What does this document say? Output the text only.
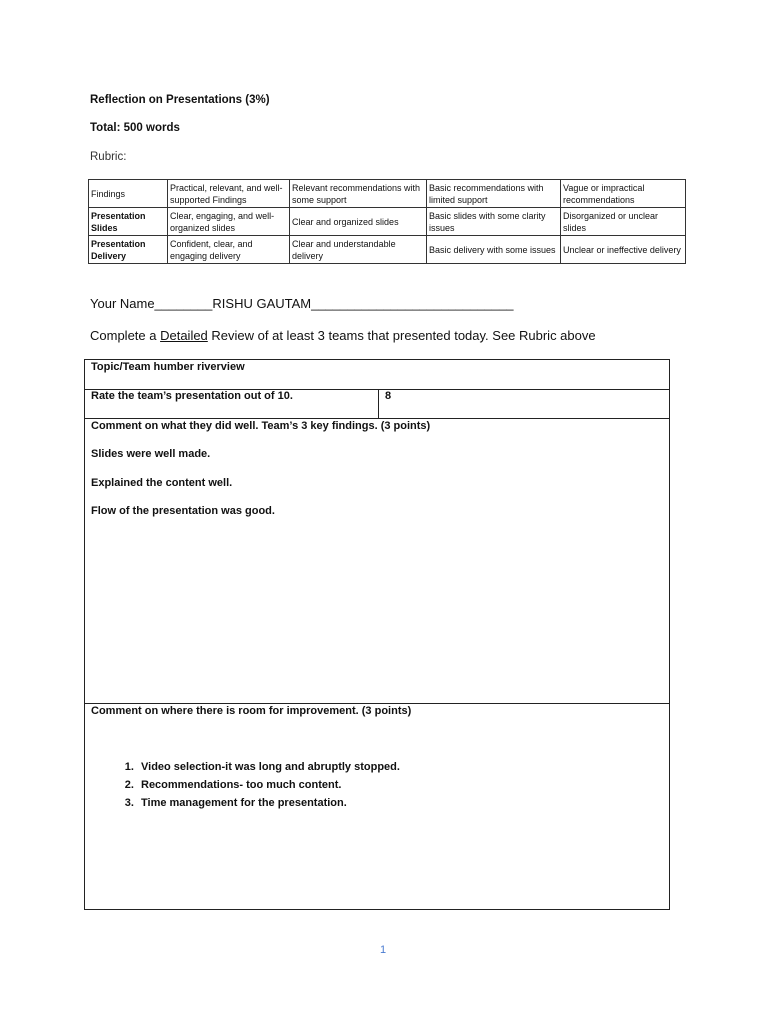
Reflection on Presentations (3%)
Total: 500 words
Rubric:
Findings	Practical, relevant, and well-supported Findings	Relevant recommendations with some support	Basic recommendations with limited support	Vague or impractical recommendations
Presentation Slides	Clear, engaging, and well-organized slides	Clear and organized slides	Basic slides with some clarity issues	Disorganized or unclear slides
Presentation Delivery	Confident, clear, and engaging delivery	Clear and understandable delivery	Basic delivery with some issues	Unclear or ineffective delivery
Your Name________RISHU GAUTAM____________________________
Complete a Detailed Review of at least 3 teams that presented today. See Rubric above
Topic/Team humber riverview
Rate the team’s presentation out of 10.	8
Comment on what they did well. Team’s 3 key findings. (3 points)
Slides were well made.
Explained the content well.
Flow of the presentation was good.
Comment on where there is room for improvement. (3 points)
1. Video selection-it was long and abruptly stopped.
2. Recommendations- too much content.
3. Time management for the presentation.
1
